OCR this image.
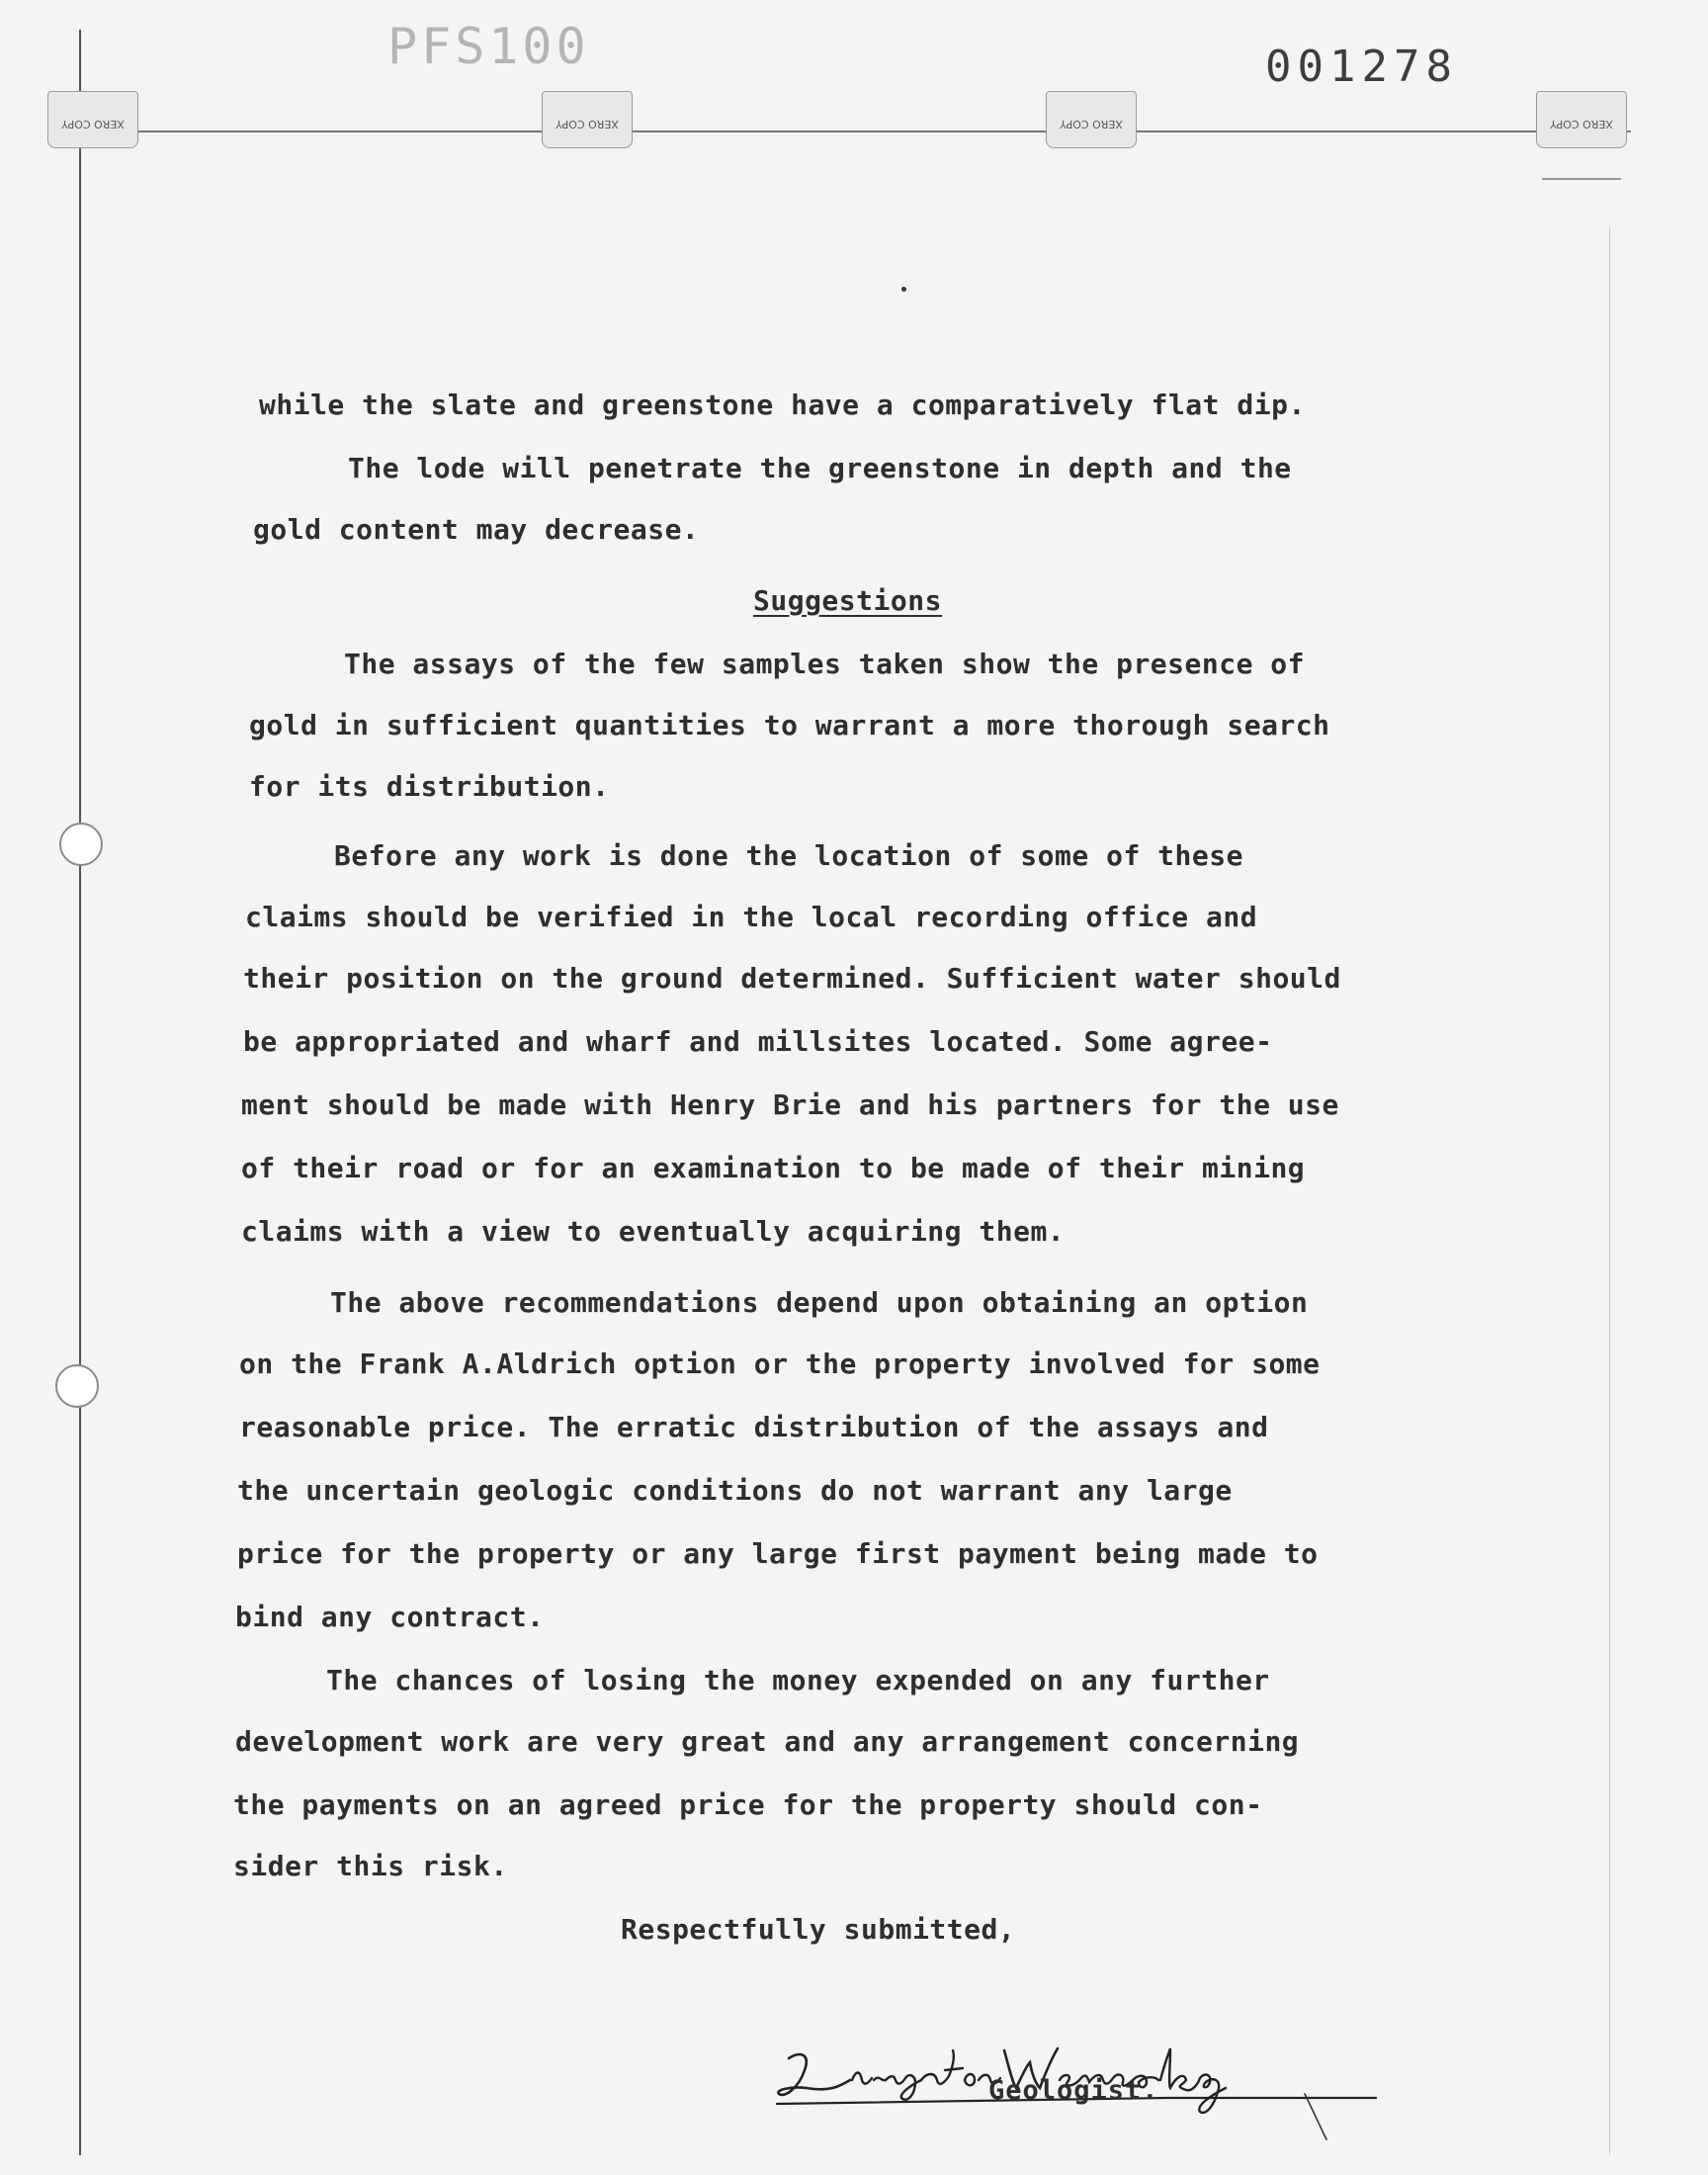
XERO COPY	XERO COPY	XERO COPY	XERO COPY
PFS100	001278

while the slate and greenstone have a comparatively flat dip.

The lode will penetrate the greenstone in depth and the

gold content may decrease.

Suggestions

The assays of the few samples taken show the presence of

gold in sufficient quantities to warrant a more thorough search

for its distribution.

Before any work is done the location of some of these

claims should be verified in the local recording office and

their position on the ground determined. Sufficient water should

be appropriated and wharf and millsites located. Some agree-

ment should be made with Henry Brie and his partners for the use

of their road or for an examination to be made of their mining

claims with a view to eventually acquiring them.

The above recommendations depend upon obtaining an option

on the Frank A.Aldrich option or the property involved for some

reasonable price. The erratic distribution of the assays and

the uncertain geologic conditions do not warrant any large

price for the property or any large first payment being made to

bind any contract.

The chances of losing the money expended on any further

development work are very great and any arrangement concerning

the payments on an agreed price for the property should con-

sider this risk.

Respectfully submitted,

Geologist.
